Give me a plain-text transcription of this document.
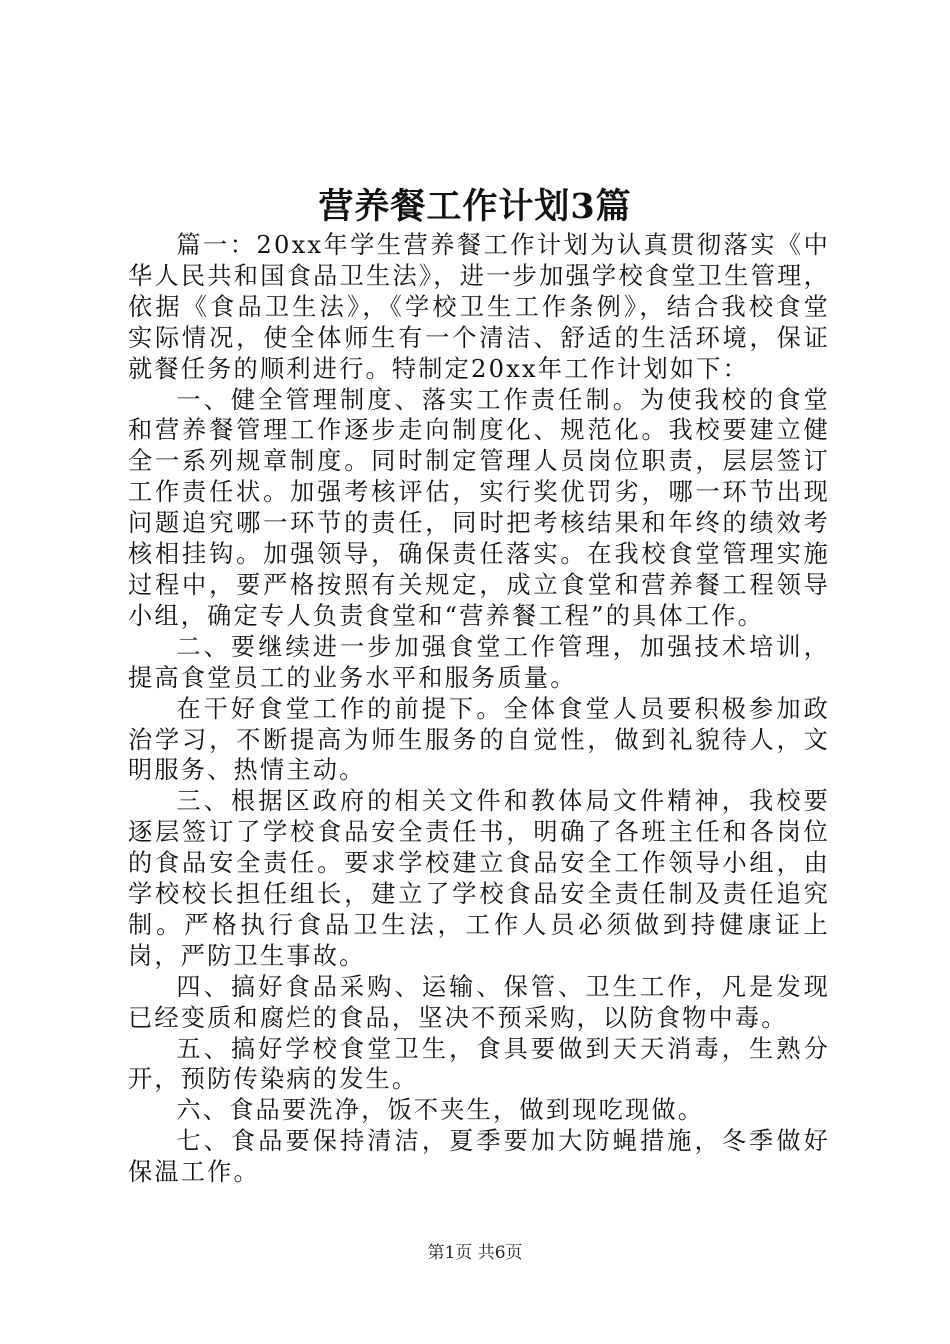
营养餐工作计划3篇

篇一：20xx年学生营养餐工作计划为认真贯彻落实《中华人民共和国食品卫生法》，进一步加强学校食堂卫生管理，依据《食品卫生法》，《学校卫生工作条例》，结合我校食堂实际情况，使全体师生有一个清洁、舒适的生活环境，保证就餐任务的顺利进行。特制定20xx年工作计划如下：

一、健全管理制度、落实工作责任制。为使我校的食堂和营养餐管理工作逐步走向制度化、规范化。我校要建立健全一系列规章制度。同时制定管理人员岗位职责，层层签订工作责任状。加强考核评估，实行奖优罚劣，哪一环节出现问题追究哪一环节的责任，同时把考核结果和年终的绩效考核相挂钩。加强领导，确保责任落实。在我校食堂管理实施过程中，要严格按照有关规定，成立食堂和营养餐工程领导小组，确定专人负责食堂和“营养餐工程”的具体工作。

二、要继续进一步加强食堂工作管理，加强技术培训，提高食堂员工的业务水平和服务质量。

在干好食堂工作的前提下。全体食堂人员要积极参加政治学习，不断提高为师生服务的自觉性，做到礼貌待人，文明服务、热情主动。

三、根据区政府的相关文件和教体局文件精神，我校要逐层签订了学校食品安全责任书，明确了各班主任和各岗位的食品安全责任。要求学校建立食品安全工作领导小组，由学校校长担任组长，建立了学校食品安全责任制及责任追究制。严格执行食品卫生法，工作人员必须做到持健康证上岗，严防卫生事故。

四、搞好食品采购、运输、保管、卫生工作，凡是发现已经变质和腐烂的食品，坚决不预采购，以防食物中毒。

五、搞好学校食堂卫生，食具要做到天天消毒，生熟分开，预防传染病的发生。

六、食品要洗净，饭不夹生，做到现吃现做。

七、食品要保持清洁，夏季要加大防蝇措施，冬季做好保温工作。

第1页 共6页
